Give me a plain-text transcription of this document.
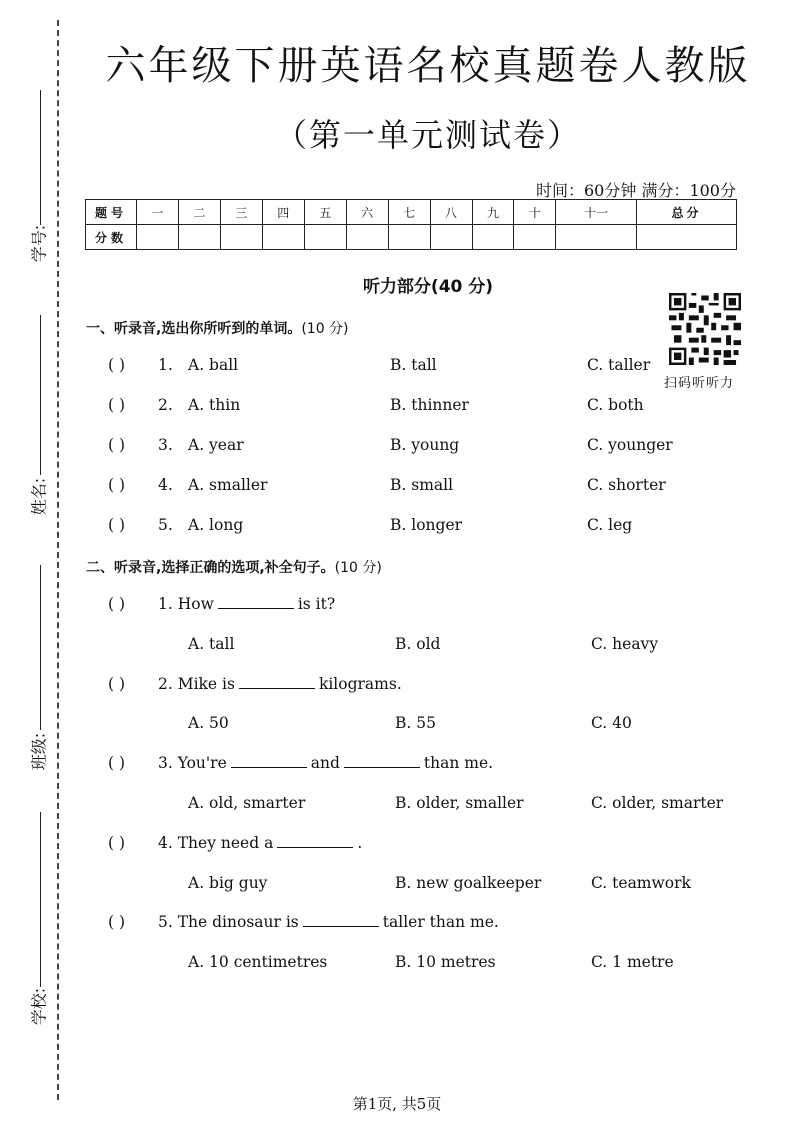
学号:
姓名:
班级:
学校:
六年级下册英语名校真题卷人教版
（第一单元测试卷）
时间：60分钟 满分：100分
题号	一	二	三	四	五	六	七	八	九	十	十一	总分
分数												
听力部分(40 分)
扫码听听力
一、听录音,选出你所听到的单词。(10 分)
( ) 1. A. ball	B. tall	C. taller
( ) 2. A. thin	B. thinner	C. both
( ) 3. A. year	B. young	C. younger
( ) 4. A. smaller	B. small	C. shorter
( ) 5. A. long	B. longer	C. leg
二、听录音,选择正确的选项,补全句子。(10 分)
( ) 1. How	is it?
A. tall	B. old	C. heavy
( ) 2. Mike is	kilograms.
A. 50	B. 55	C. 40
( ) 3. You're	and	than me.
A. old, smarter	B. older, smaller	C. older, smarter
( ) 4. They need a	.
A. big guy	B. new goalkeeper	C. teamwork
( ) 5. The dinosaur is	taller than me.
A. 10 centimetres	B. 10 metres	C. 1 metre
第1页, 共5页
